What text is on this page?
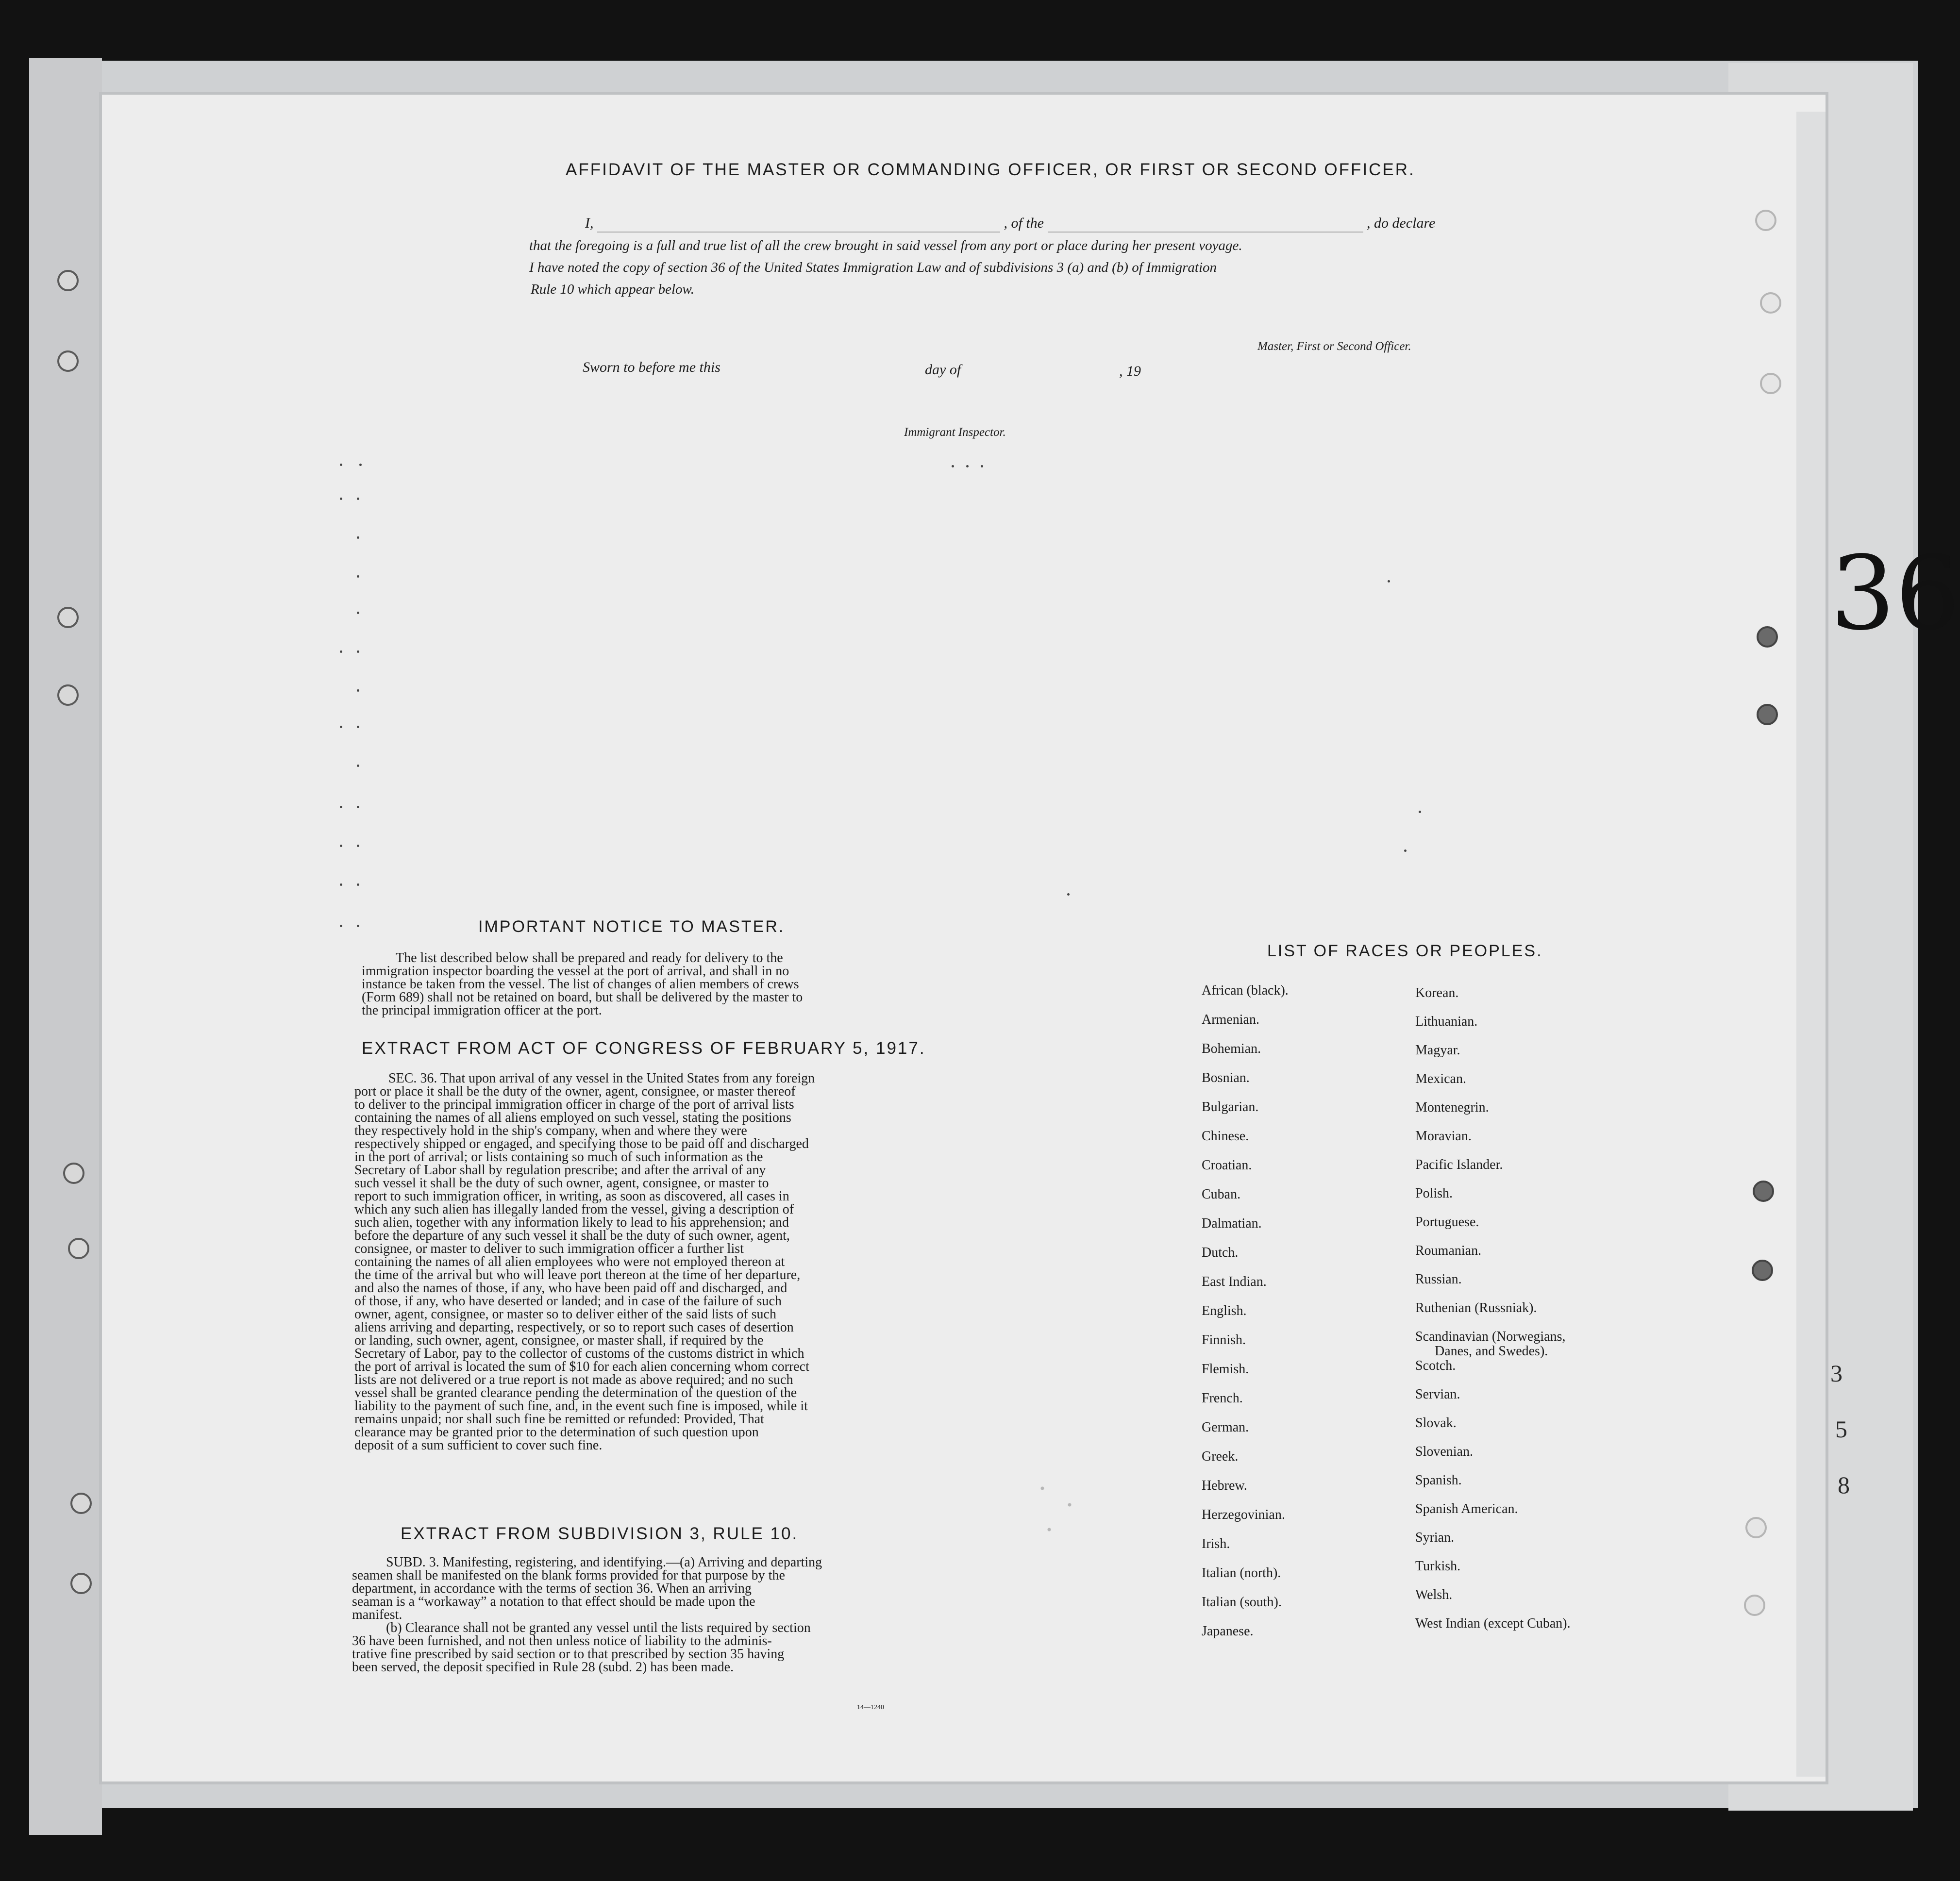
36
3
5
8
AFFIDAVIT OF THE MASTER OR COMMANDING OFFICER, OR FIRST OR SECOND OFFICER.
I,	, of the	, do declare
that the foregoing is a full and true list of all the crew brought in said vessel from any port or place during her present voyage.
I have noted the copy of section 36 of the United States Immigration Law and of subdivisions 3 (a) and (b) of Immigration
Rule 10 which appear below.
Master, First or Second Officer.
Sworn to before me this	day of	, 19
Immigrant Inspector.
IMPORTANT NOTICE TO MASTER.
The list described below shall be prepared and ready for delivery to the
immigration inspector boarding the vessel at the port of arrival, and shall in no
instance be taken from the vessel. The list of changes of alien members of crews
(Form 689) shall not be retained on board, but shall be delivered by the master to
the principal immigration officer at the port.
EXTRACT FROM ACT OF CONGRESS OF FEBRUARY 5, 1917.
SEC. 36. That upon arrival of any vessel in the United States from any foreign
port or place it shall be the duty of the owner, agent, consignee, or master thereof
to deliver to the principal immigration officer in charge of the port of arrival lists
containing the names of all aliens employed on such vessel, stating the positions
they respectively hold in the ship's company, when and where they were
respectively shipped or engaged, and specifying those to be paid off and discharged
in the port of arrival; or lists containing so much of such information as the
Secretary of Labor shall by regulation prescribe; and after the arrival of any
such vessel it shall be the duty of such owner, agent, consignee, or master to
report to such immigration officer, in writing, as soon as discovered, all cases in
which any such alien has illegally landed from the vessel, giving a description of
such alien, together with any information likely to lead to his apprehension; and
before the departure of any such vessel it shall be the duty of such owner, agent,
consignee, or master to deliver to such immigration officer a further list
containing the names of all alien employees who were not employed thereon at
the time of the arrival but who will leave port thereon at the time of her departure,
and also the names of those, if any, who have been paid off and discharged, and
of those, if any, who have deserted or landed; and in case of the failure of such
owner, agent, consignee, or master so to deliver either of the said lists of such
aliens arriving and departing, respectively, or so to report such cases of desertion
or landing, such owner, agent, consignee, or master shall, if required by the
Secretary of Labor, pay to the collector of customs of the customs district in which
the port of arrival is located the sum of $10 for each alien concerning whom correct
lists are not delivered or a true report is not made as above required; and no such
vessel shall be granted clearance pending the determination of the question of the
liability to the payment of such fine, and, in the event such fine is imposed, while it
remains unpaid; nor shall such fine be remitted or refunded: Provided, That
clearance may be granted prior to the determination of such question upon
deposit of a sum sufficient to cover such fine.
EXTRACT FROM SUBDIVISION 3, RULE 10.
SUBD. 3. Manifesting, registering, and identifying.—(a) Arriving and departing
seamen shall be manifested on the blank forms provided for that purpose by the
department, in accordance with the terms of section 36. When an arriving
seaman is a “workaway” a notation to that effect should be made upon the
manifest.
(b) Clearance shall not be granted any vessel until the lists required by section
36 have been furnished, and not then unless notice of liability to the adminis-
trative fine prescribed by said section or to that prescribed by section 35 having
been served, the deposit specified in Rule 28 (subd. 2) has been made.
14—1240
LIST OF RACES OR PEOPLES.
African (black).
Armenian.
Bohemian.
Bosnian.
Bulgarian.
Chinese.
Croatian.
Cuban.
Dalmatian.
Dutch.
East Indian.
English.
Finnish.
Flemish.
French.
German.
Greek.
Hebrew.
Herzegovinian.
Irish.
Italian (north).
Italian (south).
Japanese.
Korean.
Lithuanian.
Magyar.
Mexican.
Montenegrin.
Moravian.
Pacific Islander.
Polish.
Portuguese.
Roumanian.
Russian.
Ruthenian (Russniak).
Scandinavian (Norwegians,
Danes, and Swedes).
Scotch.
Servian.
Slovak.
Slovenian.
Spanish.
Spanish American.
Syrian.
Turkish.
Welsh.
West Indian (except Cuban).
